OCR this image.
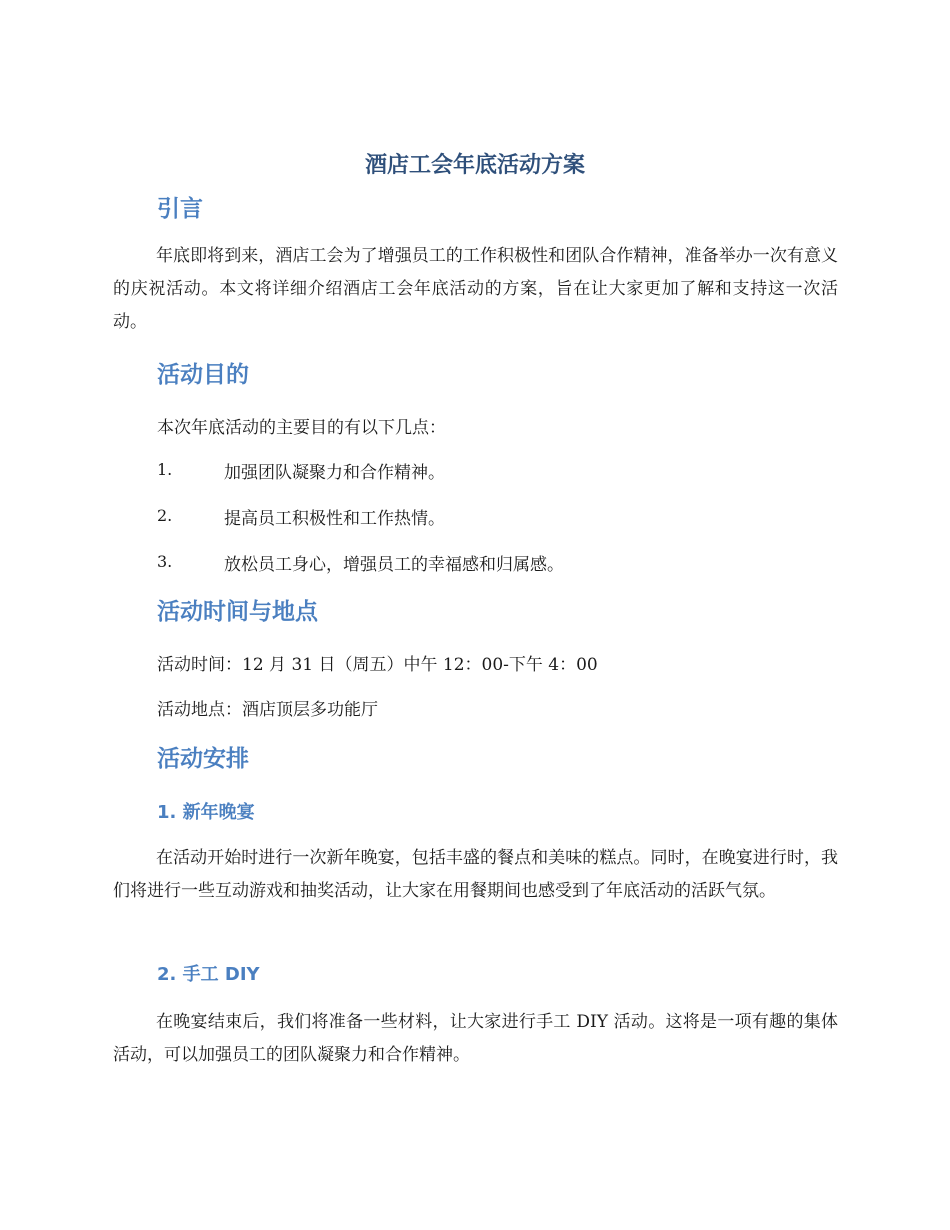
酒店工会年底活动方案
引言

年底即将到来，酒店工会为了增强员工的工作积极性和团队合作精神，准备举办一次有意义的庆祝活动。本文将详细介绍酒店工会年底活动的方案，旨在让大家更加了解和支持这一次活动。

活动目的

本次年底活动的主要目的有以下几点：

1.	加强团队凝聚力和合作精神。
2.	提高员工积极性和工作热情。
3.	放松员工身心，增强员工的幸福感和归属感。
活动时间与地点

活动时间：12 月 31 日（周五）中午 12：00-下午 4：00

活动地点：酒店顶层多功能厅

活动安排
1. 新年晚宴

在活动开始时进行一次新年晚宴，包括丰盛的餐点和美味的糕点。同时，在晚宴进行时，我们将进行一些互动游戏和抽奖活动，让大家在用餐期间也感受到了年底活动的活跃气氛。

2. 手工 DIY

在晚宴结束后，我们将准备一些材料，让大家进行手工 DIY 活动。这将是一项有趣的集体活动，可以加强员工的团队凝聚力和合作精神。
